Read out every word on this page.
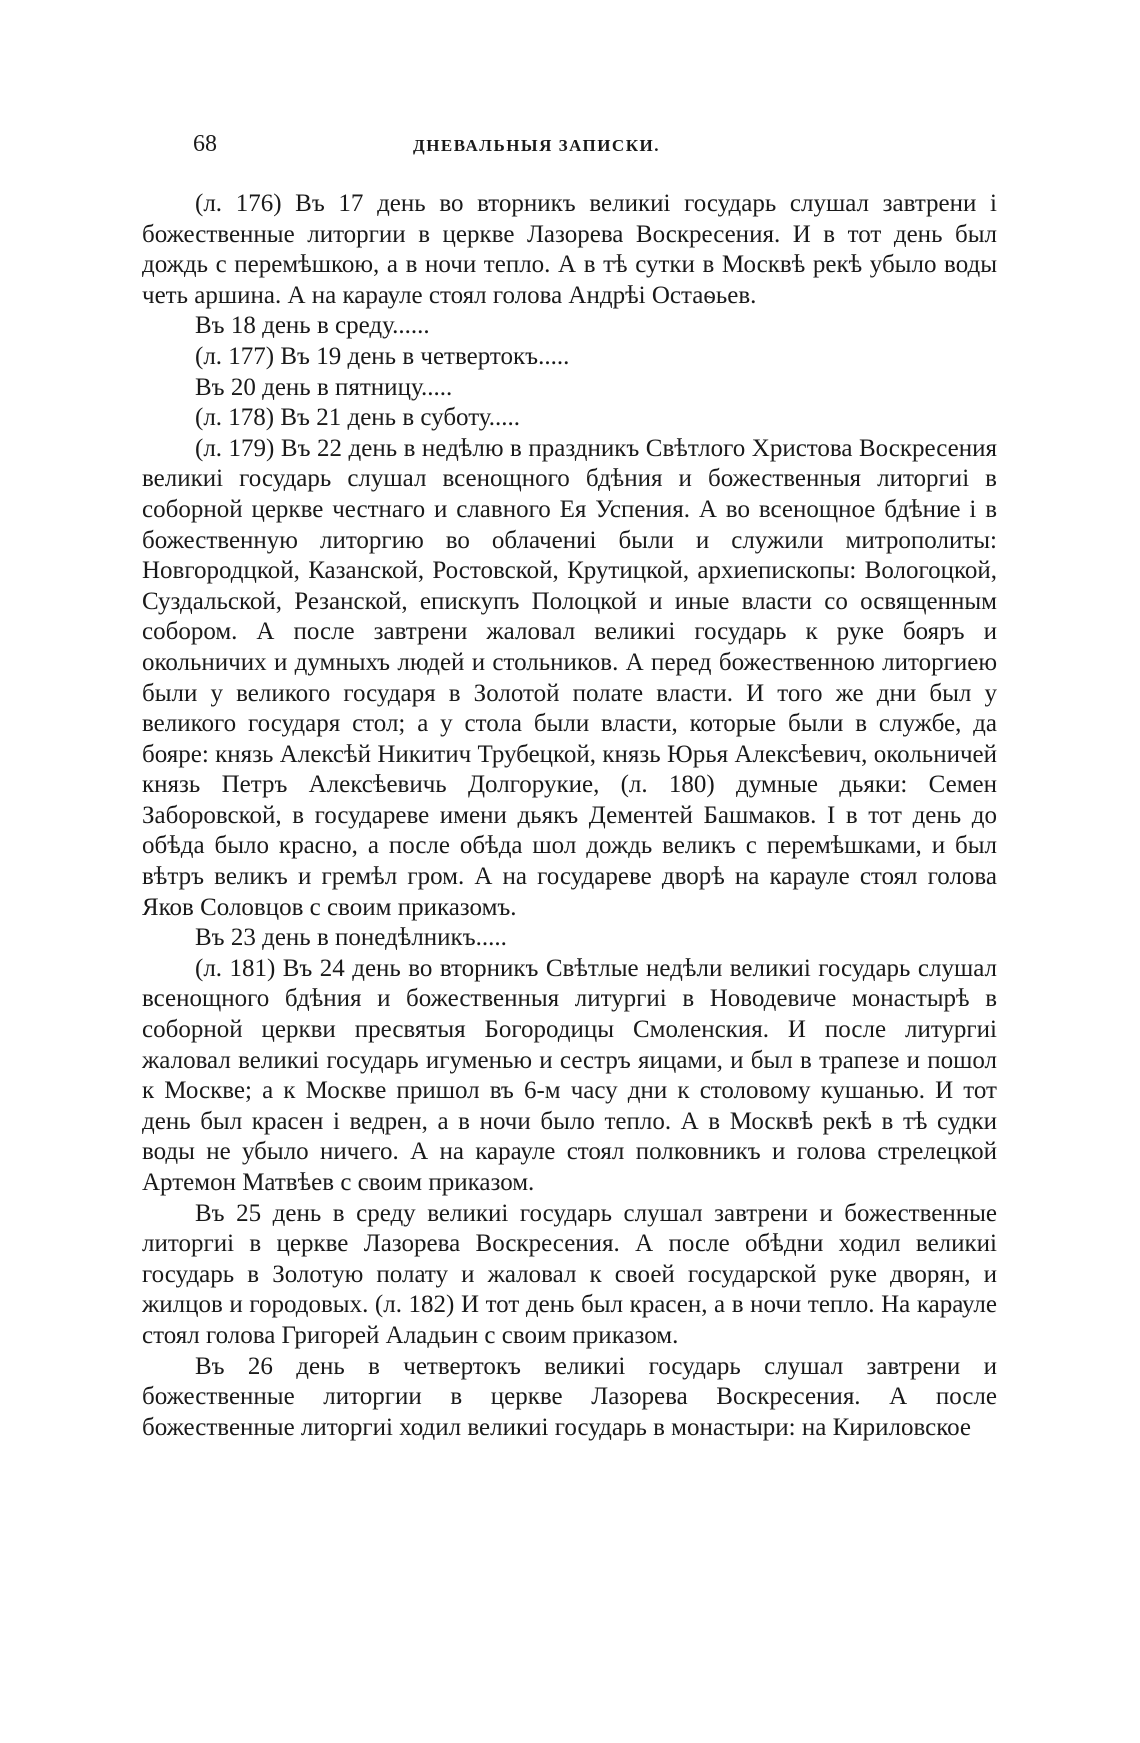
68	ДНЕВАЛЬНЫЯ ЗАПИСКИ.

(л. 176) Въ 17 день во вторникъ великиі государь слушал завтрени і божественные литоргии в церкве Лазорева Воскресения. И в тот день был дождь с перемѣшкою, а в ночи тепло. А в тѣ сутки в Москвѣ рекѣ убыло воды четь аршина. А на карауле стоял голова Андрѣі Остаѳьев.

Въ 18 день в среду......

(л. 177) Въ 19 день в четвертокъ.....

Въ 20 день в пятницу.....

(л. 178) Въ 21 день в суботу.....

(л. 179) Въ 22 день в недѣлю в праздникъ Свѣтлого Христова Воскресения великиі государь слушал всенощного бдѣния и божественныя литоргиі в соборной церкве честнаго и славного Ея Успения. А во всенощное бдѣние і в божественную литоргию во облачениі были и служили митрополиты: Новгородцкой, Казанской, Ростовской, Крутицкой, архиепископы: Вологоцкой, Суздальской, Резанской, епискупъ Полоцкой и иные власти со освященным собором. А после завтрени жаловал великиі государь к руке бояръ и окольничих и думныхъ людей и стольников. А перед божественною литоргиею были у великого государя в Золотой полате власти. И того же дни был у великого государя стол; а у стола были власти, которые были в службе, да бояре: князь Алексѣй Никитич Трубецкой, князь Юрья Алексѣевич, окольничей князь Петръ Алексѣевичь Долгорукие, (л. 180) думные дьяки: Семен Заборовской, в государеве имени дьякъ Дементей Башмаков. І в тот день до обѣда было красно, а после обѣда шол дождь великъ с перемѣшками, и был вѣтръ великъ и гремѣл гром. А на государеве дворѣ на карауле стоял голова Яков Соловцов с своим приказомъ.

Въ 23 день в понедѣлникъ.....

(л. 181) Въ 24 день во вторникъ Свѣтлые недѣли великиі государь слушал всенощного бдѣния и божественныя литургиі в Новодевиче монастырѣ в соборной церкви пресвятыя Богородицы Смоленския. И после литургиі жаловал великиі государь игуменью и сестръ яицами, и был в трапезе и пошол к Москве; а к Москве пришол въ 6-м часу дни к столовому кушанью. И тот день был красен і ведрен, а в ночи было тепло. А в Москвѣ рекѣ в тѣ судки воды не убыло ничего. А на карауле стоял полковникъ и голова стрелецкой Артемон Матвѣев с своим приказом.

Въ 25 день в среду великиі государь слушал завтрени и божественные литоргиі в церкве Лазорева Воскресения. А после обѣдни ходил великиі государь в Золотую полату и жаловал к своей государской руке дворян, и жилцов и городовых. (л. 182) И тот день был красен, а в ночи тепло. На карауле стоял голова Григорей Аладьин с своим приказом.

Въ 26 день в четвертокъ великиі государь слушал завтрени и божественные литоргии в церкве Лазорева Воскресения. А после божественные литоргиі ходил великиі государь в монастыри: на Кириловское
